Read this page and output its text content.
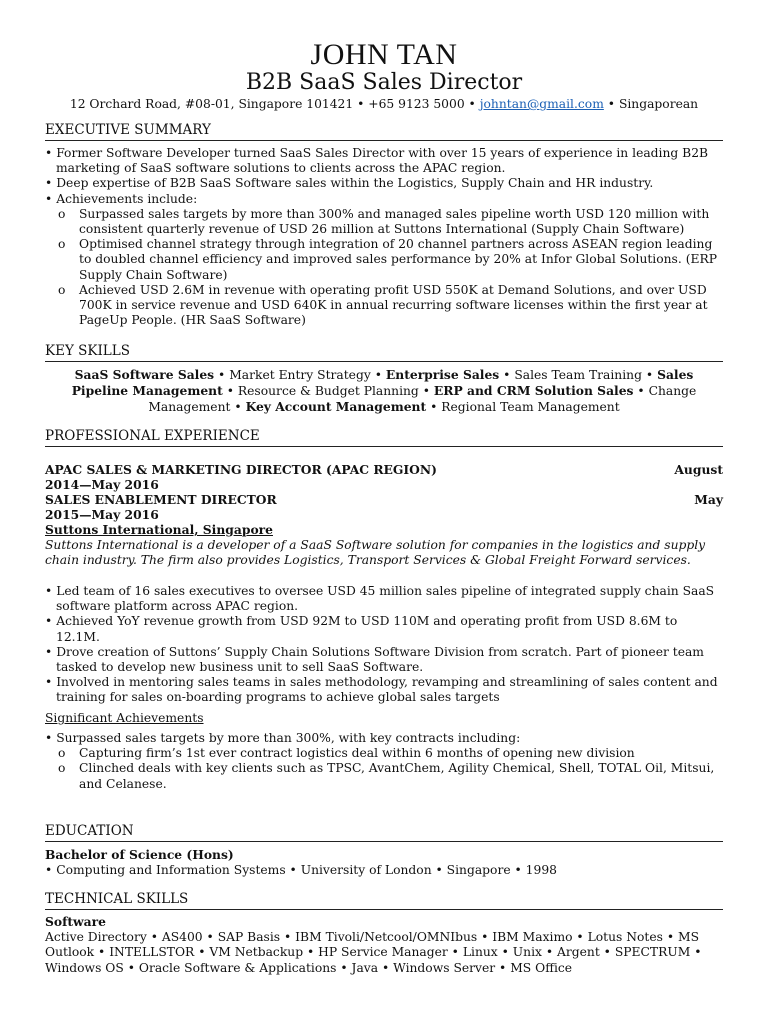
JOHN TAN
B2B SaaS Sales Director
12 Orchard Road, #08-01, Singapore 101421 • +65 9123 5000 • johntan@gmail.com • Singaporean
EXECUTIVE SUMMARY
• Former Software Developer turned SaaS Sales Director with over 15 years of experience in leading B2B marketing of SaaS software solutions to clients across the APAC region.
• Deep expertise of B2B SaaS Software sales within the Logistics, Supply Chain and HR industry.
• Achievements include:
o Surpassed sales targets by more than 300% and managed sales pipeline worth USD 120 million with consistent quarterly revenue of USD 26 million at Suttons International (Supply Chain Software)
o Optimised channel strategy through integration of 20 channel partners across ASEAN region leading to doubled channel efficiency and improved sales performance by 20% at Infor Global Solutions. (ERP Supply Chain Software)
o Achieved USD 2.6M in revenue with operating profit USD 550K at Demand Solutions, and over USD 700K in service revenue and USD 640K in annual recurring software licenses within the first year at PageUp People. (HR SaaS Software)
KEY SKILLS
SaaS Software Sales • Market Entry Strategy • Enterprise Sales • Sales Team Training • Sales Pipeline Management • Resource & Budget Planning • ERP and CRM Solution Sales • Change Management • Key Account Management • Regional Team Management
PROFESSIONAL EXPERIENCE
APAC SALES & MARKETING DIRECTOR (APAC REGION)	August
2014—May 2016
SALES ENABLEMENT DIRECTOR	May
2015—May 2016
Suttons International, Singapore
Suttons International is a developer of a SaaS Software solution for companies in the logistics and supply chain industry. The firm also provides Logistics, Transport Services & Global Freight Forward services.
• Led team of 16 sales executives to oversee USD 45 million sales pipeline of integrated supply chain SaaS software platform across APAC region.
• Achieved YoY revenue growth from USD 92M to USD 110M and operating profit from USD 8.6M to 12.1M.
• Drove creation of Suttons’ Supply Chain Solutions Software Division from scratch. Part of pioneer team tasked to develop new business unit to sell SaaS Software.
• Involved in mentoring sales teams in sales methodology, revamping and streamlining of sales content and training for sales on-boarding programs to achieve global sales targets
Significant Achievements
• Surpassed sales targets by more than 300%, with key contracts including:
o Capturing firm’s 1st ever contract logistics deal within 6 months of opening new division
o Clinched deals with key clients such as TPSC, AvantChem, Agility Chemical, Shell, TOTAL Oil, Mitsui, and Celanese.
EDUCATION
Bachelor of Science (Hons)
• Computing and Information Systems • University of London • Singapore • 1998
TECHNICAL SKILLS
Software
Active Directory • AS400 • SAP Basis • IBM Tivoli/Netcool/OMNIbus • IBM Maximo • Lotus Notes • MS Outlook • INTELLSTOR • VM Netbackup • HP Service Manager • Linux • Unix • Argent • SPECTRUM • Windows OS • Oracle Software & Applications • Java • Windows Server • MS Office
